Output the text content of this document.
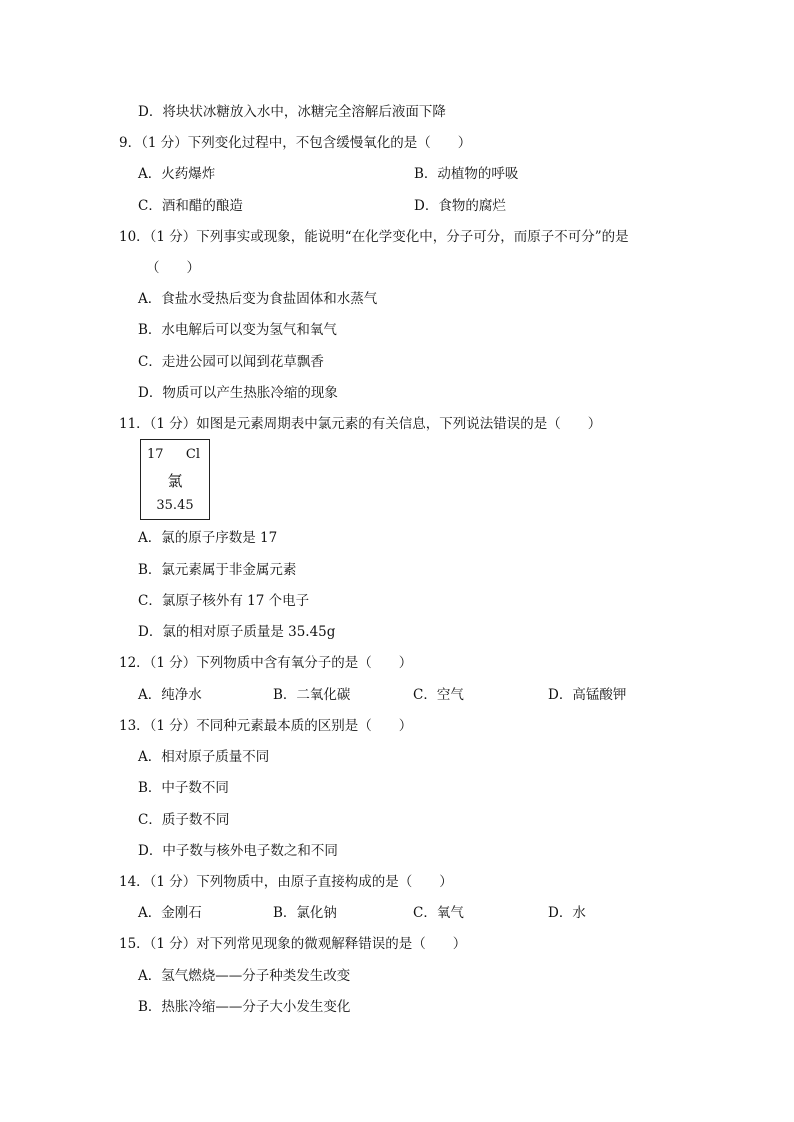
D．将块状冰糖放入水中，冰糖完全溶解后液面下降
9．（1 分）下列变化过程中，不包含缓慢氧化的是（　　）
A．火药爆炸	B．动植物的呼吸
C．酒和醋的酿造	D．食物的腐烂
10．（1 分）下列事实或现象，能说明“在化学变化中，分子可分，而原子不可分”的是
（　　）
A．食盐水受热后变为食盐固体和水蒸气
B．水电解后可以变为氢气和氧气
C．走进公园可以闻到花草飘香
D．物质可以产生热胀冷缩的现象
11．（1 分）如图是元素周期表中氯元素的有关信息，下列说法错误的是（　　）
17 Cl
氯
35.45
A．氯的原子序数是 17
B．氯元素属于非金属元素
C．氯原子核外有 17 个电子
D．氯的相对原子质量是 35.45g
12．（1 分）下列物质中含有氧分子的是（　　）
A．纯净水	B．二氧化碳	C．空气	D．高锰酸钾
13．（1 分）不同种元素最本质的区别是（　　）
A．相对原子质量不同
B．中子数不同
C．质子数不同
D．中子数与核外电子数之和不同
14．（1 分）下列物质中，由原子直接构成的是（　　）
A．金刚石	B．氯化钠	C．氧气	D．水
15．（1 分）对下列常见现象的微观解释错误的是（　　）
A．氢气燃烧——分子种类发生改变
B．热胀冷缩——分子大小发生变化
